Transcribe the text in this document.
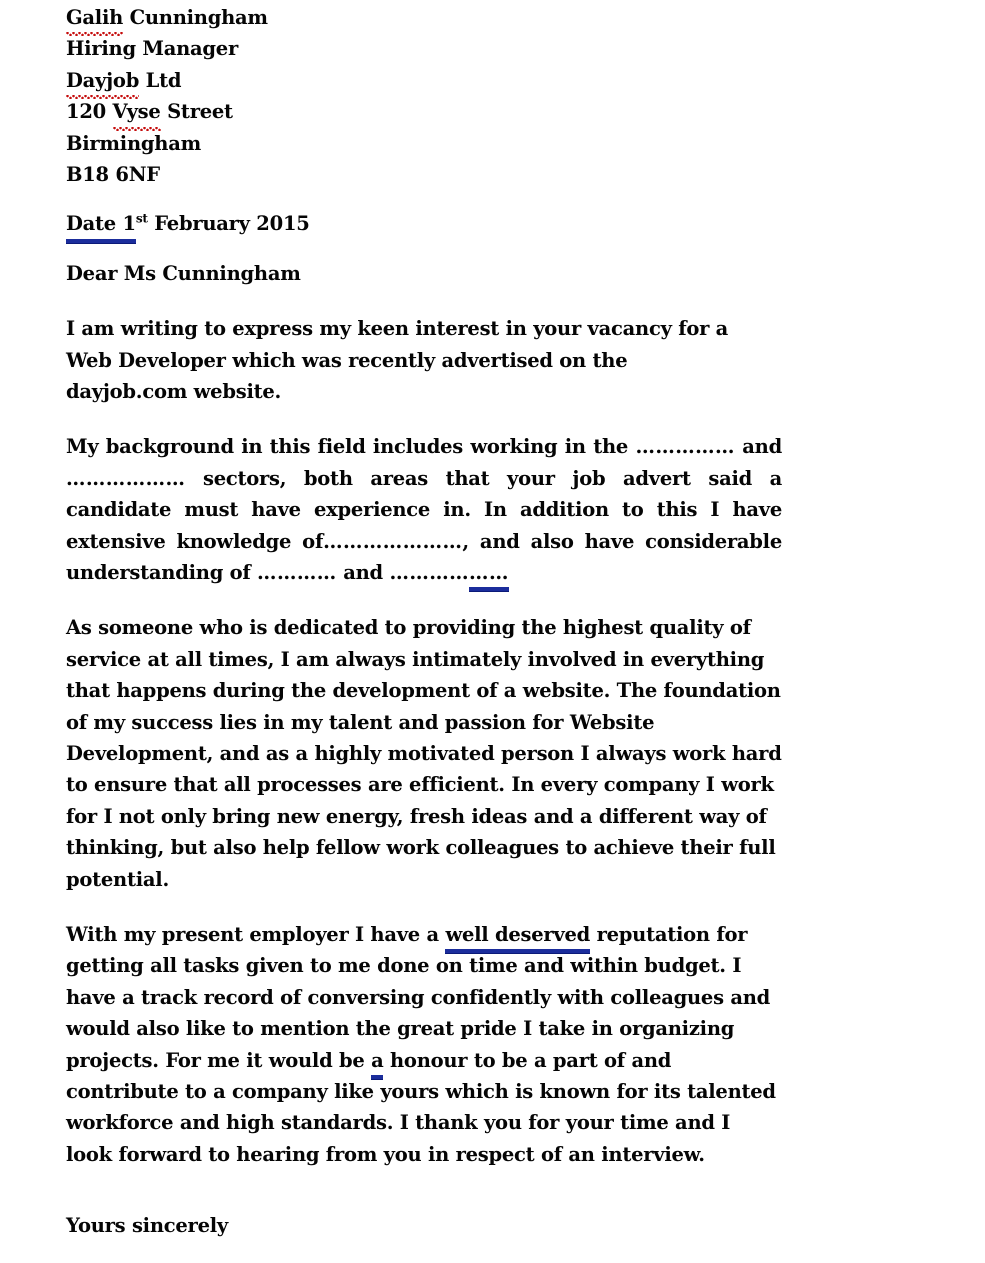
Galih Cunningham
Hiring Manager
Dayjob Ltd
120 Vyse Street
Birmingham
B18 6NF
Date 1st February 2015
Dear Ms Cunningham
I am writing to express my keen interest in your vacancy for a
Web Developer which was recently advertised on the
dayjob.com website.
My background in this field includes working in the …………… and ……………… sectors, both areas that your job advert said a candidate must have experience in. In addition to this I have extensive knowledge of…………………, and also have considerable understanding of ………… and ………………
As someone who is dedicated to providing the highest quality of
service at all times, I am always intimately involved in everything
that happens during the development of a website. The foundation
of my success lies in my talent and passion for Website
Development, and as a highly motivated person I always work hard
to ensure that all processes are efficient. In every company I work
for I not only bring new energy, fresh ideas and a different way of
thinking, but also help fellow work colleagues to achieve their full
potential.
With my present employer I have a well deserved reputation for getting all tasks given to me done on time and within budget. I have a track record of conversing confidently with colleagues and would also like to mention the great pride I take in organizing projects. For me it would be a honour to be a part of and contribute to a company like yours which is known for its talented workforce and high standards. I thank you for your time and I look forward to hearing from you in respect of an interview.
Yours sincerely
